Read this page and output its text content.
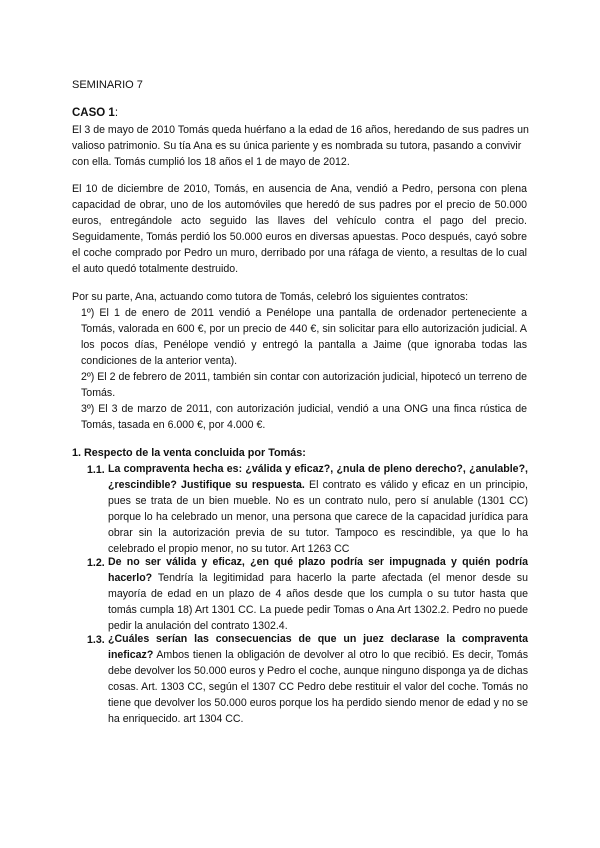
SEMINARIO 7
CASO 1:
El 3 de mayo de 2010 Tomás queda huérfano a la edad de 16 años, heredando de sus padres un valioso patrimonio. Su tía Ana es su única pariente y es nombrada su tutora, pasando a convivir con ella. Tomás cumplió los 18 años el 1 de mayo de 2012.
El 10 de diciembre de 2010, Tomás, en ausencia de Ana, vendió a Pedro, persona con plena capacidad de obrar, uno de los automóviles que heredó de sus padres por el precio de 50.000 euros, entregándole acto seguido las llaves del vehículo contra el pago del precio. Seguidamente, Tomás perdió los 50.000 euros en diversas apuestas. Poco después, cayó sobre el coche comprado por Pedro un muro, derribado por una ráfaga de viento, a resultas de lo cual el auto quedó totalmente destruido.
Por su parte, Ana, actuando como tutora de Tomás, celebró los siguientes contratos:
1º) El 1 de enero de 2011 vendió a Penélope una pantalla de ordenador perteneciente a Tomás, valorada en 600 €, por un precio de 440 €, sin solicitar para ello autorización judicial. A los pocos días, Penélope vendió y entregó la pantalla a Jaime (que ignoraba todas las condiciones de la anterior venta).
2º) El 2 de febrero de 2011, también sin contar con autorización judicial, hipotecó un terreno de Tomás.
3º) El 3 de marzo de 2011, con autorización judicial, vendió a una ONG una finca rústica de Tomás, tasada en 6.000 €, por 4.000 €.
1. Respecto de la venta concluida por Tomás:
1.1. La compraventa hecha es: ¿válida y eficaz?, ¿nula de pleno derecho?, ¿anulable?, ¿rescindible? Justifique su respuesta. El contrato es válido y eficaz en un principio, pues se trata de un bien mueble. No es un contrato nulo, pero sí anulable (1301 CC) porque lo ha celebrado un menor, una persona que carece de la capacidad jurídica para obrar sin la autorización previa de su tutor. Tampoco es rescindible, ya que lo ha celebrado el propio menor, no su tutor. Art 1263 CC
1.2. De no ser válida y eficaz, ¿en qué plazo podría ser impugnada y quién podría hacerlo? Tendría la legitimidad para hacerlo la parte afectada (el menor desde su mayoría de edad en un plazo de 4 años desde que los cumpla o su tutor hasta que tomás cumpla 18) Art 1301 CC. La puede pedir Tomas o Ana Art 1302.2. Pedro no puede pedir la anulación del contrato 1302.4.
1.3. ¿Cuáles serían las consecuencias de que un juez declarase la compraventa ineficaz? Ambos tienen la obligación de devolver al otro lo que recibió. Es decir, Tomás debe devolver los 50.000 euros y Pedro el coche, aunque ninguno disponga ya de dichas cosas. Art. 1303 CC, según el 1307 CC Pedro debe restituir el valor del coche. Tomás no tiene que devolver los 50.000 euros porque los ha perdido siendo menor de edad y no se ha enriquecido. art 1304 CC.
